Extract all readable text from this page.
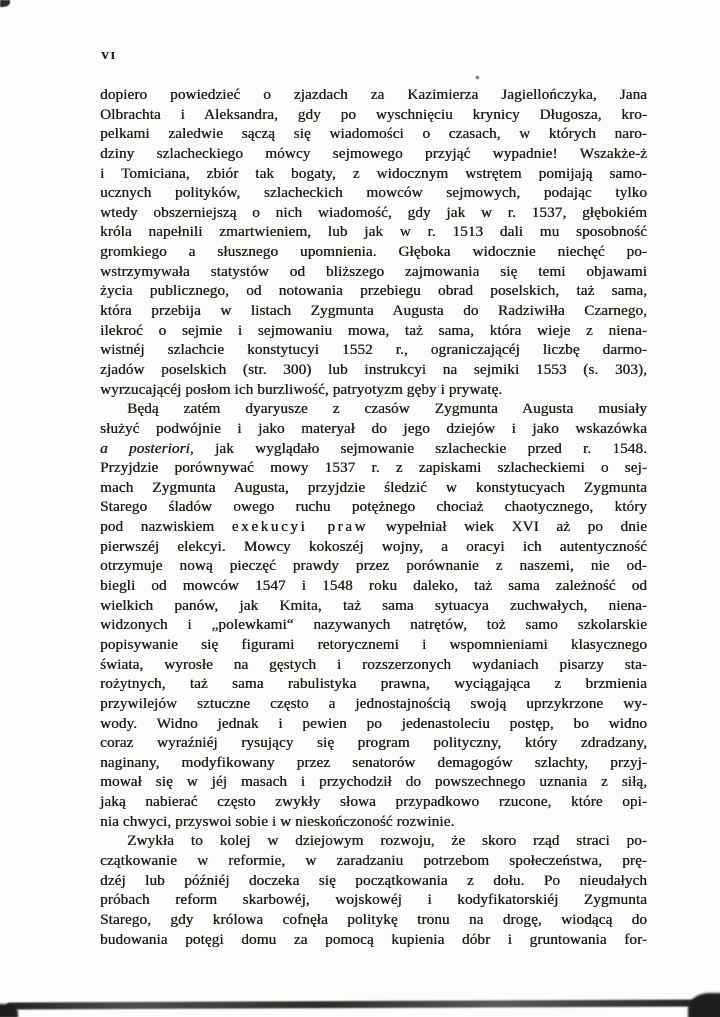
VI
dopiero powiedzieć o zjazdach za Kazimierza Jagiellończyka, Jana
Olbrachta i Aleksandra, gdy po wyschnięciu krynicy Długosza, kro-
pelkami zaledwie sączą się wiadomości o czasach, w których naro-
dziny szlacheckiego mówcy sejmowego przyjąć wypadnie! Wszakże-ż
i Tomiciana, zbiór tak bogaty, z widocznym wstrętem pomijają samo-
ucznych polityków, szlacheckich mowców sejmowych, podając tylko
wtedy obszerniejszą o nich wiadomość, gdy jak w r. 1537, głębokiém
króla napełnili zmartwieniem, lub jak w r. 1513 dali mu sposobność
gromkiego a słusznego upomnienia. Głęboka widocznie niechęć po-
wstrzymywała statystów od bliższego zajmowania się temi objawami
życia publicznego, od notowania przebiegu obrad poselskich, taż sama,
która przebija w listach Zygmunta Augusta do Radziwiłła Czarnego,
ilekroć o sejmie i sejmowaniu mowa, taż sama, która wieje z niena-
wistnéj szlachcie konstytucyi 1552 r., ograniczającéj liczbę darmo-
zjadów poselskich (str. 300) lub instrukcyi na sejmiki 1553 (s. 303),
wyrzucającéj posłom ich burzliwość, patryotyzm gęby i prywatę.
Będą zatém dyaryusze z czasów Zygmunta Augusta musiały
służyć podwójnie i jako materyał do jego dziejów i jako wskazówka
a posteriori, jak wyglądało sejmowanie szlacheckie przed r. 1548.
Przyjdzie porównywać mowy 1537 r. z zapiskami szlacheckiemi o sej-
mach Zygmunta Augusta, przyjdzie śledzić w konstytucyach Zygmunta
Starego śladów owego ruchu potężnego chociaż chaotycznego, który
pod nazwiskiem exekucyi praw wypełniał wiek XVI aż po dnie
pierwszéj elekcyi. Mowcy kokoszéj wojny, a oracyi ich autentyczność
otrzymuje nową pieczęć prawdy przez porównanie z naszemi, nie od-
biegli od mowców 1547 i 1548 roku daleko, taż sama zależność od
wielkich panów, jak Kmita, taż sama sytuacya zuchwałych, niena-
widzonych i „polewkami“ nazywanych natrętów, toż samo szkolarskie
popisywanie się figurami retorycznemi i wspomnieniami klasycznego
świata, wyrosłe na gęstych i rozszerzonych wydaniach pisarzy sta-
rożytnych, taż sama rabulistyka prawna, wyciągająca z brzmienia
przywilejów sztuczne często a jednostajnością swoją uprzykrzone wy-
wody. Widno jednak i pewien po jedenastoleciu postęp, bo widno
coraz wyraźniéj rysujący się program polityczny, który zdradzany,
naginany, modyfikowany przez senatorów demagogów szlachty, przyj-
mował się w jéj masach i przychodził do powszechnego uznania z siłą,
jaką nabierać często zwykły słowa przypadkowo rzucone, które opi-
nia chwyci, przyswoi sobie i w nieskończoność rozwinie.
Zwykła to kolej w dziejowym rozwoju, że skoro rząd straci po-
czątkowanie w reformie, w zaradzaniu potrzebom społeczeństwa, prę-
dzéj lub późniéj doczeka się początkowania z dołu. Po nieudałych
próbach reform skarbowéj, wojskowéj i kodyfikatorskiéj Zygmunta
Starego, gdy królowa cofnęła politykę tronu na drogę, wiodącą do
budowania potęgi domu za pomocą kupienia dóbr i gruntowania for-
